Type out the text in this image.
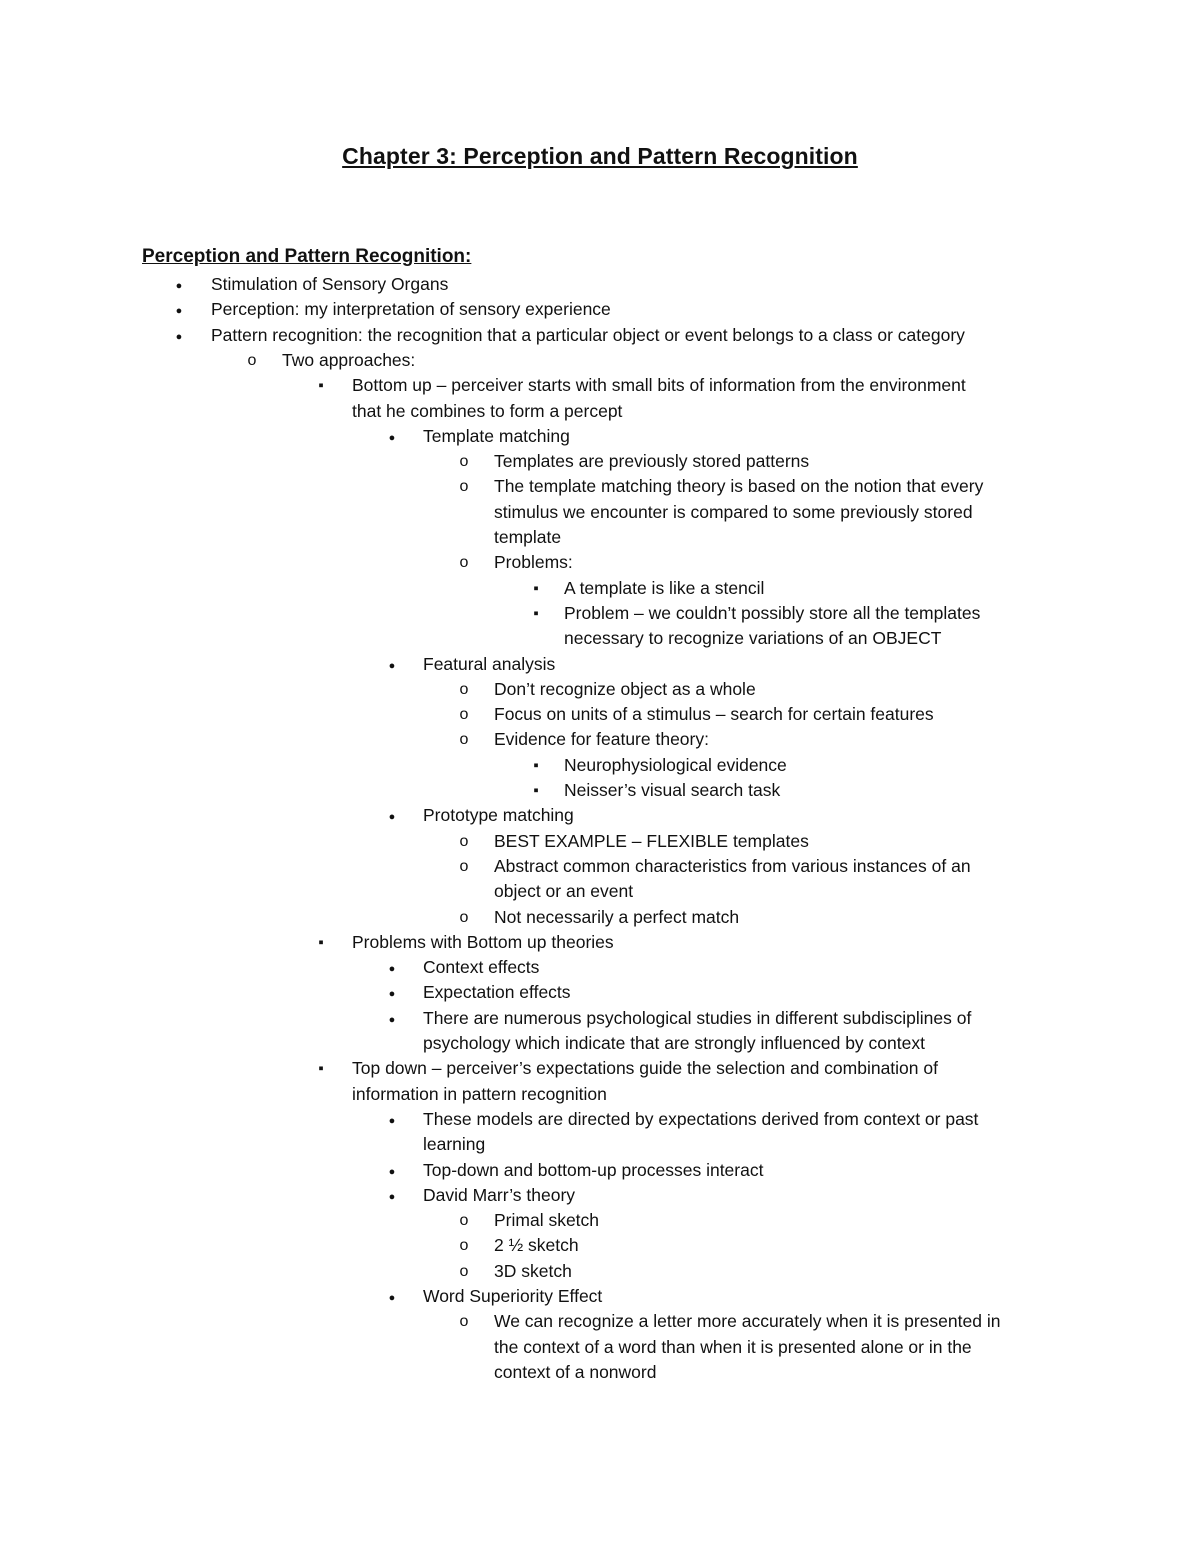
Chapter 3: Perception and Pattern Recognition
Perception and Pattern Recognition:
●
Stimulation of Sensory Organs
●
Perception: my interpretation of sensory experience
●
Pattern recognition: the recognition that a particular object or event belongs to a class or category
o
Two approaches:
▪
Bottom up – perceiver starts with small bits of information from the environment
that he combines to form a percept
●
Template matching
o
Templates are previously stored patterns
o
The template matching theory is based on the notion that every
stimulus we encounter is compared to some previously stored
template
o
Problems:
▪
A template is like a stencil
▪
Problem – we couldn’t possibly store all the templates
necessary to recognize variations of an OBJECT
●
Featural analysis
o
Don’t recognize object as a whole
o
Focus on units of a stimulus – search for certain features
o
Evidence for feature theory:
▪
Neurophysiological evidence
▪
Neisser’s visual search task
●
Prototype matching
o
BEST EXAMPLE – FLEXIBLE templates
o
Abstract common characteristics from various instances of an
object or an event
o
Not necessarily a perfect match
▪
Problems with Bottom up theories
●
Context effects
●
Expectation effects
●
There are numerous psychological studies in different subdisciplines of
psychology which indicate that are strongly influenced by context
▪
Top down – perceiver’s expectations guide the selection and combination of
information in pattern recognition
●
These models are directed by expectations derived from context or past
learning
●
Top-down and bottom-up processes interact
●
David Marr’s theory
o
Primal sketch
o
2 ½ sketch
o
3D sketch
●
Word Superiority Effect
o
We can recognize a letter more accurately when it is presented in
the context of a word than when it is presented alone or in the
context of a nonword
